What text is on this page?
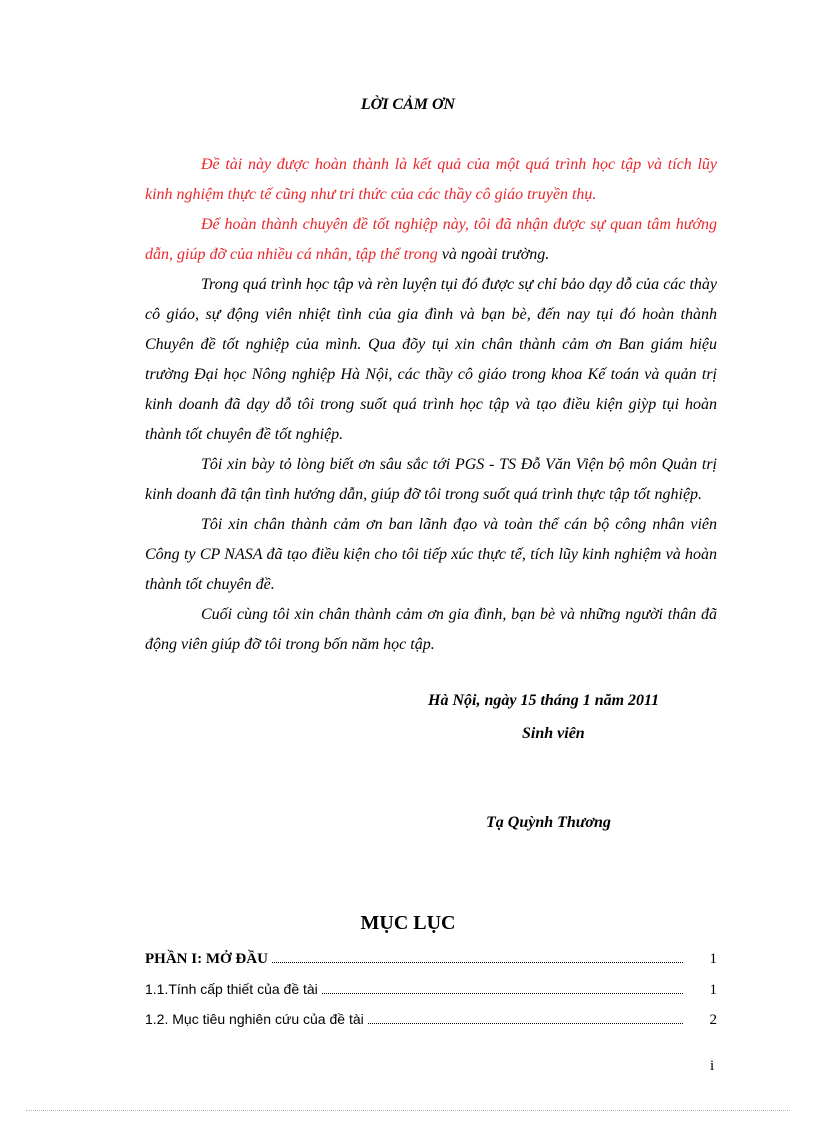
LỜI CẢM ƠN

Đề tài này được hoàn thành là kết quả của một quá trình học tập và tích lũy kinh nghiệm thực tế cũng như tri thức của các thầy cô giáo truyền thụ.

Để hoàn thành chuyên đề tốt nghiệp này, tôi đã nhận được sự quan tâm hướng dẫn, giúp đỡ của nhiều cá nhân, tập thể trong và ngoài trường.

Trong quá trình học tập và rèn luyện tụi đó được sự chỉ bảo dạy dỗ của các thày cô giáo, sự động viên nhiệt tình của gia đình và bạn bè, đến nay tụi đó hoàn thành Chuyên đề tốt nghiệp của mình. Qua đõy tụi xin chân thành cảm ơn Ban giám hiệu trường Đại học Nông nghiệp Hà Nội, các thầy cô giáo trong khoa Kế toán và quản trị kinh doanh đã dạy dỗ tôi trong suốt quá trình học tập và tạo điều kiện giỳp tụi hoàn thành tốt chuyên đề tốt nghiệp.

Tôi xin bày tỏ lòng biết ơn sâu sắc tới PGS - TS Đỗ Văn Viện bộ môn Quản trị kinh doanh đã tận tình hướng dẫn, giúp đỡ tôi trong suốt quá trình thực tập tốt nghiệp.

Tôi xin chân thành cảm ơn ban lãnh đạo và toàn thể cán bộ công nhân viên Công ty CP NASA đã tạo điều kiện cho tôi tiếp xúc thực tế, tích lũy kinh nghiệm và hoàn thành tốt chuyên đề.

Cuối cùng tôi xin chân thành cảm ơn gia đình, bạn bè và những người thân đã động viên giúp đỡ tôi trong bốn năm học tập.

Hà Nội, ngày 15 tháng 1 năm 2011
Sinh viên
Tạ Quỳnh Thương
MỤC LỤC
PHẦN I: MỞ ĐẦU	1
1.1.Tính cấp thiết của đề tài	1
1.2. Mục tiêu nghiên cứu của đề tài	2
i
